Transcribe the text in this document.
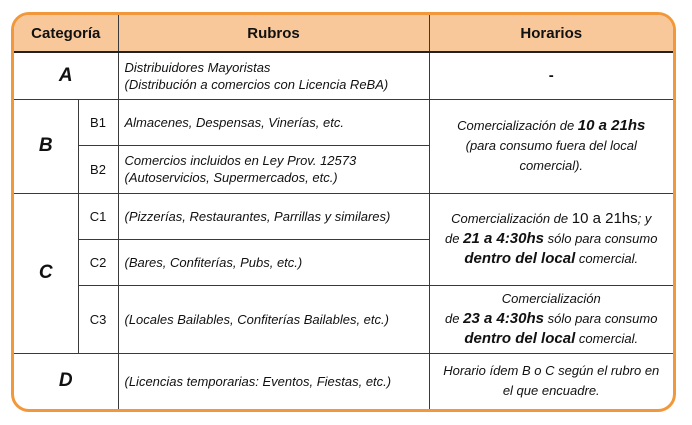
Categoría		Rubros	Horarios
A		Distribuidores Mayoristas
(Distribución a comercios con Licencia ReBA)	-
B	B1	Almacenes, Despensas, Vinerías, etc.	Comercialización de 10 a 21hs
(para consumo fuera del local
comercial).

	B2	Comercios incluidos en Ley Prov. 12573
(Autoservicios, Supermercados, etc.)	

C	C1	(Pizzerías, Restaurantes, Parrillas y similares)	Comercialización de 10 a 21hs; y
de 21 a 4:30hs sólo para consumo
dentro del local comercial.

	C2	(Bares, Confiterías, Pubs, etc.)	
	C3	(Locales Bailables, Confiterías Bailables, etc.)	Comercialización
de 23 a 4:30hs sólo para consumo
dentro del local comercial.

D		(Licencias temporarias: Eventos, Fiestas, etc.)	Horario ídem B o C según el rubro en
el que encuadre.
